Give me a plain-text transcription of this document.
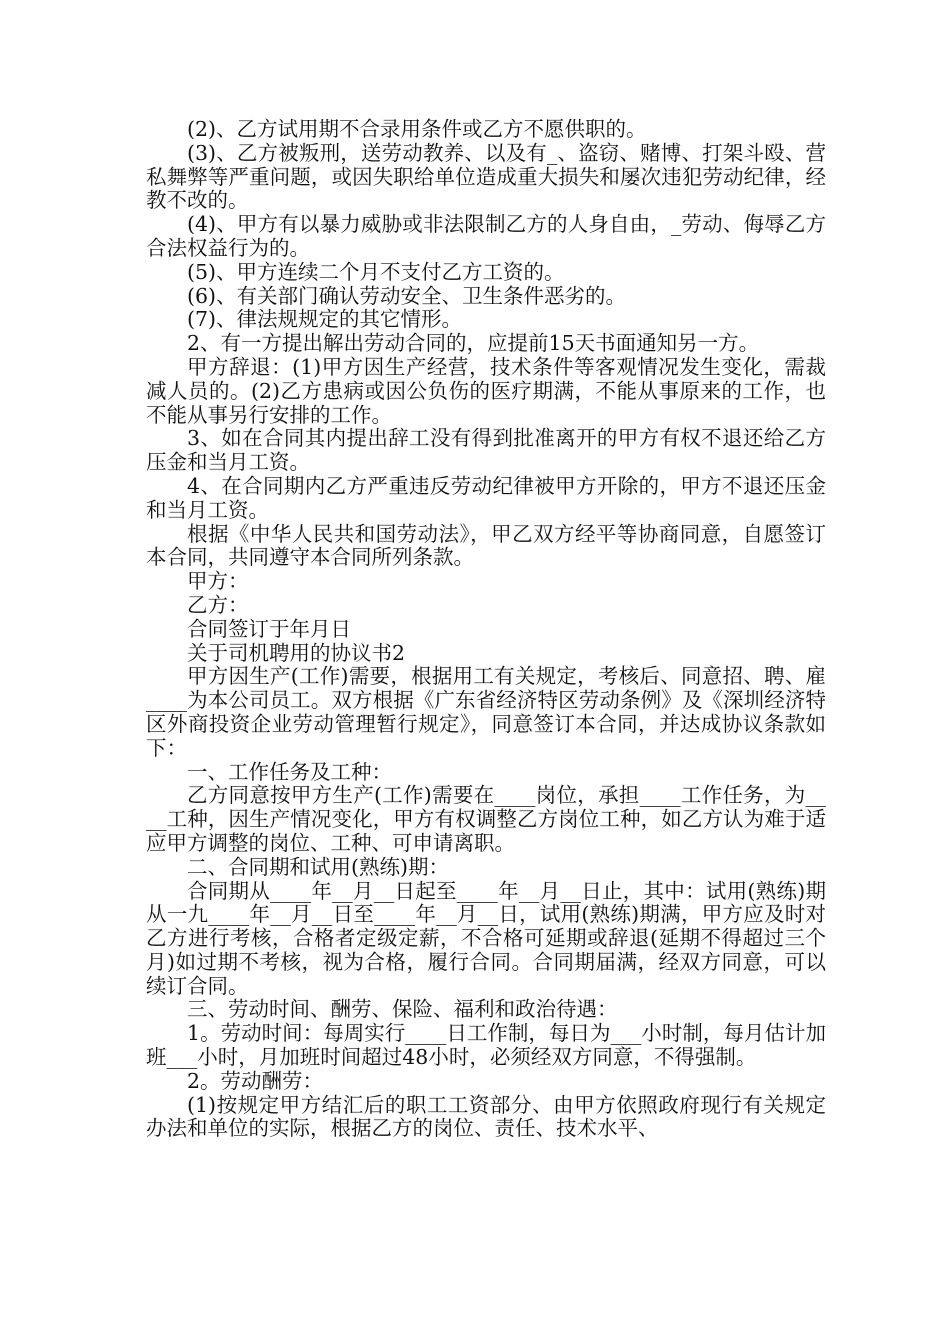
(2)、乙方试用期不合录用条件或乙方不愿供职的。

(3)、乙方被叛刑，送劳动教养、以及有_、盗窃、赌博、打架斗殴、营私舞弊等严重问题，或因失职给单位造成重大损失和屡次违犯劳动纪律，经教不改的。

(4)、甲方有以暴力威胁或非法限制乙方的人身自由，_劳动、侮辱乙方合法权益行为的。

(5)、甲方连续二个月不支付乙方工资的。

(6)、有关部门确认劳动安全、卫生条件恶劣的。

(7)、律法规规定的其它情形。

2、有一方提出解出劳动合同的，应提前15天书面通知另一方。

甲方辞退：(1)甲方因生产经营，技术条件等客观情况发生变化，需裁减人员的。(2)乙方患病或因公负伤的医疗期满，不能从事原来的工作，也不能从事另行安排的工作。

3、如在合同其内提出辞工没有得到批准离开的甲方有权不退还给乙方压金和当月工资。

4、在合同期内乙方严重违反劳动纪律被甲方开除的，甲方不退还压金和当月工资。

根据《中华人民共和国劳动法》，甲乙双方经平等协商同意，自愿签订本合同，共同遵守本合同所列条款。

甲方：

乙方：

合同签订于年月日

关于司机聘用的协议书2

甲方因生产(工作)需要，根据用工有关规定，考核后、同意招、聘、雇____为本公司员工。双方根据《广东省经济特区劳动条例》及《深圳经济特区外商投资企业劳动管理暂行规定》，同意签订本合同，并达成协议条款如下：

一、工作任务及工种：

乙方同意按甲方生产(工作)需要在____岗位，承担____工作任务，为____工种，因生产情况变化，甲方有权调整乙方岗位工种，如乙方认为难于适应甲方调整的岗位、工种、可申请离职。

二、合同期和试用(熟练)期：

合同期从____年__月__日起至____年__月__日止，其中：试用(熟练)期从一九____年__月__日至____年__月__日，试用(熟练)期满，甲方应及时对乙方进行考核，合格者定级定薪，不合格可延期或辞退(延期不得超过三个月)如过期不考核，视为合格，履行合同。合同期届满，经双方同意，可以续订合同。

三、劳动时间、酬劳、保险、福利和政治待遇：

1。劳动时间：每周实行____日工作制，每日为___小时制，每月估计加班___小时，月加班时间超过48小时，必须经双方同意，不得强制。

2。劳动酬劳：

(1)按规定甲方结汇后的职工工资部分、由甲方依照政府现行有关规定办法和单位的实际，根据乙方的岗位、责任、技术水平、
